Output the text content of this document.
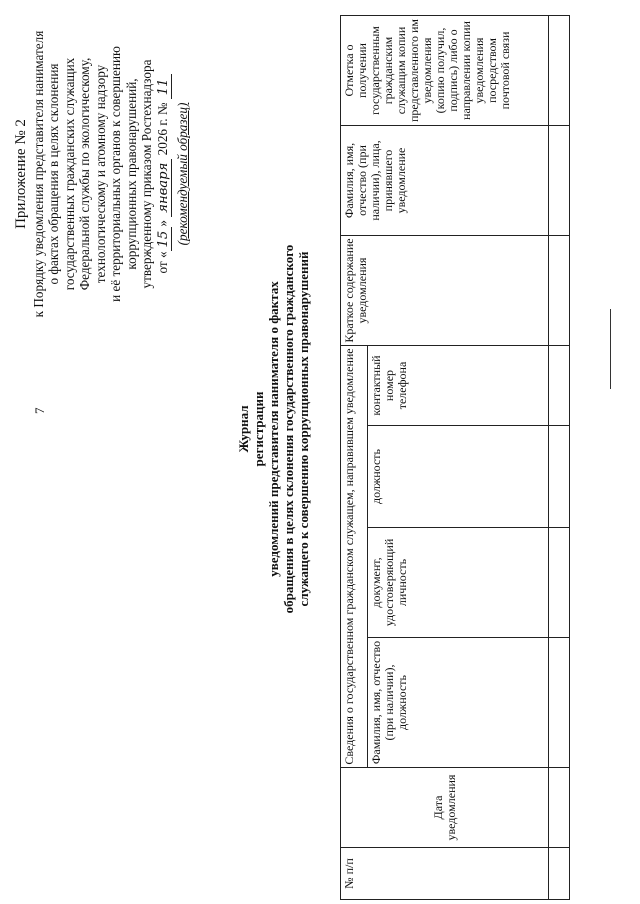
7
Приложение № 2 к Порядку уведомления представителя нанимателя о фактах обращения в целях склонения государственных гражданских служащих Федеральной службы по экологическому, технологическому и атомному надзору и её территориальных органов к совершению коррупционных правонарушений, утвержденному приказом Ростехнадзора от «15» января 2026 г. № 11
(рекомендуемый образец)
Журнал регистрации уведомлений представителя нанимателя о фактах обращения в целях склонения государственного гражданского служащего к совершению коррупционных правонарушений
№ п/п	Дата уведомления	Сведения о государственном гражданском служащем, направившем уведомление				Краткое содержание уведомления	Фамилия, имя, отчество (при наличии), лица, принявшего уведомление	Отметка о получении государственным гражданским служащим копии представленного им уведомления (копию получил, подпись) либо о направлении копии уведомления посредством почтовой связи
		Фамилия, имя, отчество (при наличии), должность	документ, удостоверяющий личность	должность	контактный номер телефона			
